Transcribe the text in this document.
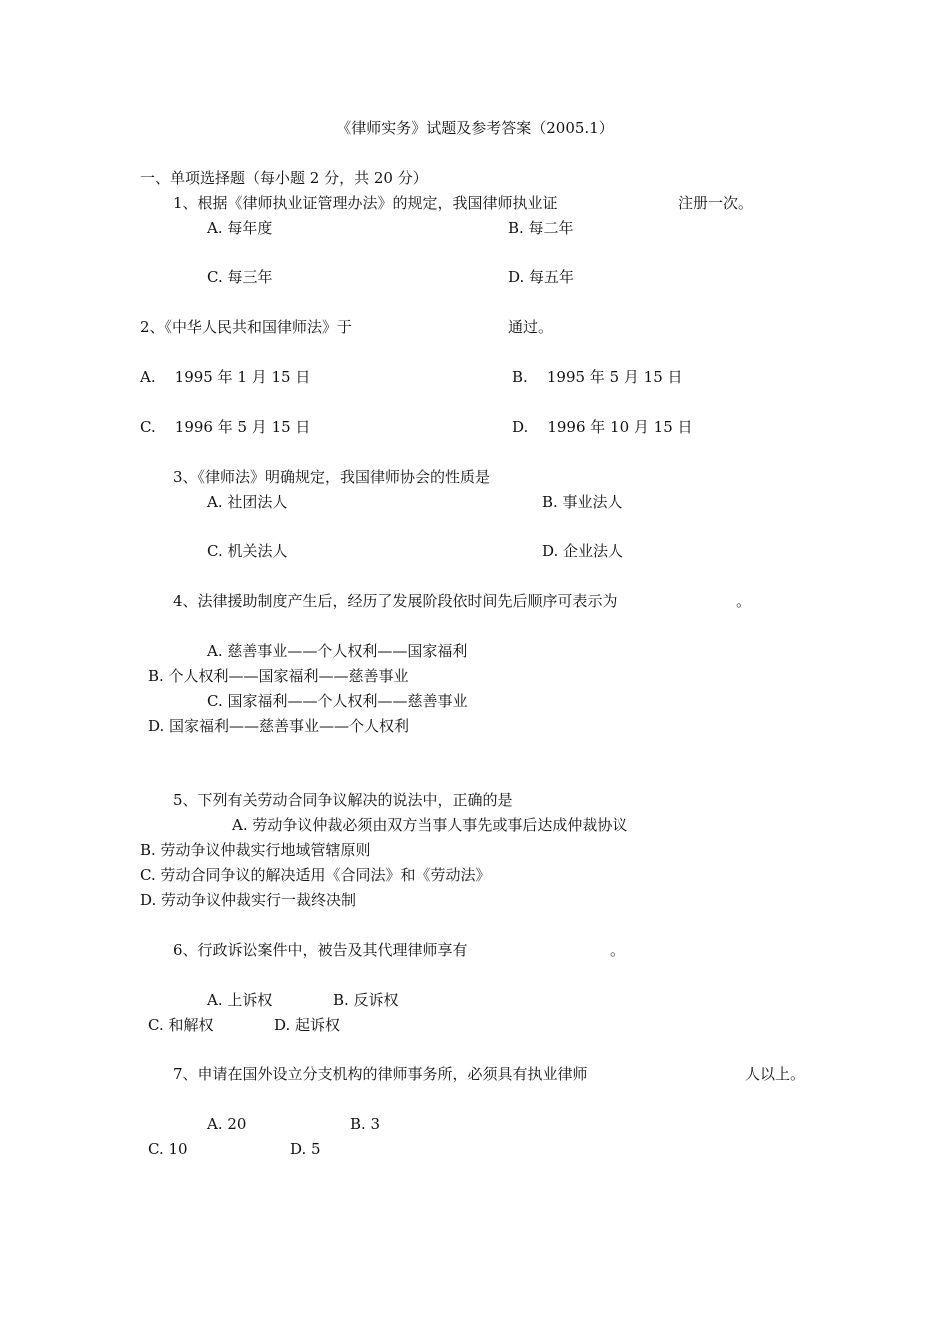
《律师实务》试题及参考答案（2005.1）
一、单项选择题（每小题 2 分，共 20 分）
1、根据《律师执业证管理办法》的规定，我国律师执业证	注册一次。
A. 每年度	B. 每二年
C. 每三年	D. 每五年
2、《中华人民共和国律师法》于	通过。
A.    1995 年 1 月 15 日	B.    1995 年 5 月 15 日
C.    1996 年 5 月 15 日	D.    1996 年 10 月 15 日
3、《律师法》明确规定，我国律师协会的性质是
A. 社团法人	B. 事业法人
C. 机关法人	D. 企业法人
4、法律援助制度产生后，经历了发展阶段依时间先后顺序可表示为	。
A. 慈善事业——个人权利——国家福利
B. 个人权利——国家福利——慈善事业
C. 国家福利——个人权利——慈善事业
D. 国家福利——慈善事业——个人权利
5、下列有关劳动合同争议解决的说法中，正确的是
A. 劳动争议仲裁必须由双方当事人事先或事后达成仲裁协议
B. 劳动争议仲裁实行地域管辖原则
C. 劳动合同争议的解决适用《合同法》和《劳动法》
D. 劳动争议仲裁实行一裁终决制
6、行政诉讼案件中，被告及其代理律师享有	。
A. 上诉权	B. 反诉权
C. 和解权	D. 起诉权
7、申请在国外设立分支机构的律师事务所，必须具有执业律师	人以上。
A. 20	B. 3
C. 10	D. 5
